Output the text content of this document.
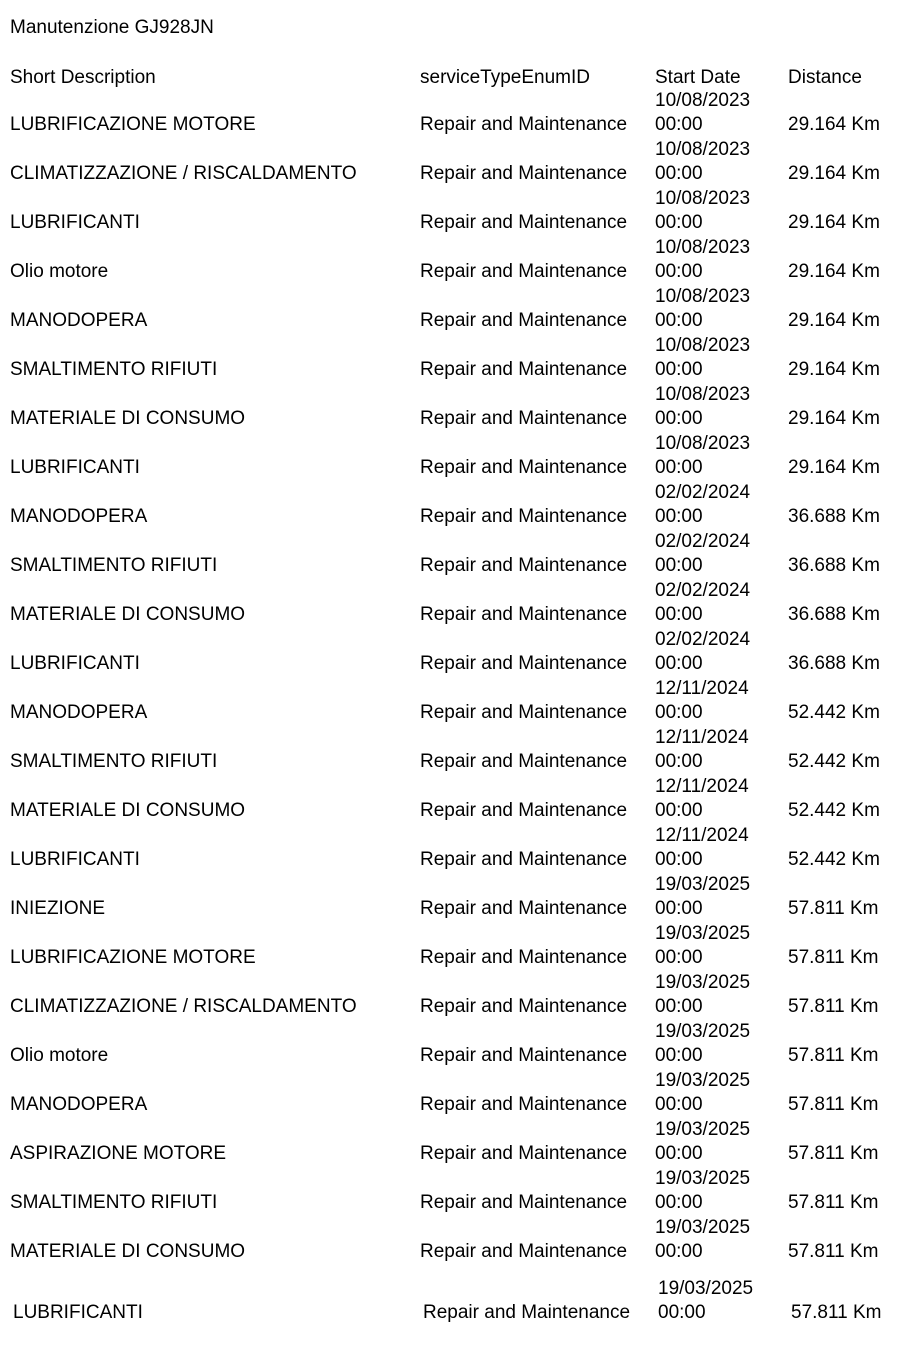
Manutenzione GJ928JN
Short Description	serviceTypeEnumID	Start Date Distance
LUBRIFICAZIONE MOTORE	Repair and Maintenance
10/08/2023
00:00	29.164 Km
CLIMATIZZAZIONE / RISCALDAMENTO	Repair and Maintenance
10/08/2023
00:00	29.164 Km
LUBRIFICANTI	Repair and Maintenance
10/08/2023
00:00	29.164 Km
Olio motore	Repair and Maintenance
10/08/2023
00:00	29.164 Km
MANODOPERA	Repair and Maintenance
10/08/2023
00:00	29.164 Km
SMALTIMENTO RIFIUTI	Repair and Maintenance
10/08/2023
00:00	29.164 Km
MATERIALE DI CONSUMO	Repair and Maintenance
10/08/2023
00:00	29.164 Km
LUBRIFICANTI	Repair and Maintenance
10/08/2023
00:00	29.164 Km
MANODOPERA	Repair and Maintenance
02/02/2024
00:00	36.688 Km
SMALTIMENTO RIFIUTI	Repair and Maintenance
02/02/2024
00:00	36.688 Km
MATERIALE DI CONSUMO	Repair and Maintenance
02/02/2024
00:00	36.688 Km
LUBRIFICANTI	Repair and Maintenance
02/02/2024
00:00	36.688 Km
MANODOPERA	Repair and Maintenance
12/11/2024
00:00	52.442 Km
SMALTIMENTO RIFIUTI	Repair and Maintenance
12/11/2024
00:00	52.442 Km
MATERIALE DI CONSUMO	Repair and Maintenance
12/11/2024
00:00	52.442 Km
LUBRIFICANTI	Repair and Maintenance
12/11/2024
00:00	52.442 Km
INIEZIONE	Repair and Maintenance
19/03/2025
00:00	57.811 Km
LUBRIFICAZIONE MOTORE	Repair and Maintenance
19/03/2025
00:00	57.811 Km
CLIMATIZZAZIONE / RISCALDAMENTO	Repair and Maintenance
19/03/2025
00:00	57.811 Km
Olio motore	Repair and Maintenance
19/03/2025
00:00	57.811 Km
MANODOPERA	Repair and Maintenance
19/03/2025
00:00	57.811 Km
ASPIRAZIONE MOTORE	Repair and Maintenance
19/03/2025
00:00	57.811 Km
SMALTIMENTO RIFIUTI	Repair and Maintenance
19/03/2025
00:00	57.811 Km
MATERIALE DI CONSUMO	Repair and Maintenance
19/03/2025
00:00	57.811 Km
LUBRIFICANTI	Repair and Maintenance
19/03/2025
00:00	57.811 Km
